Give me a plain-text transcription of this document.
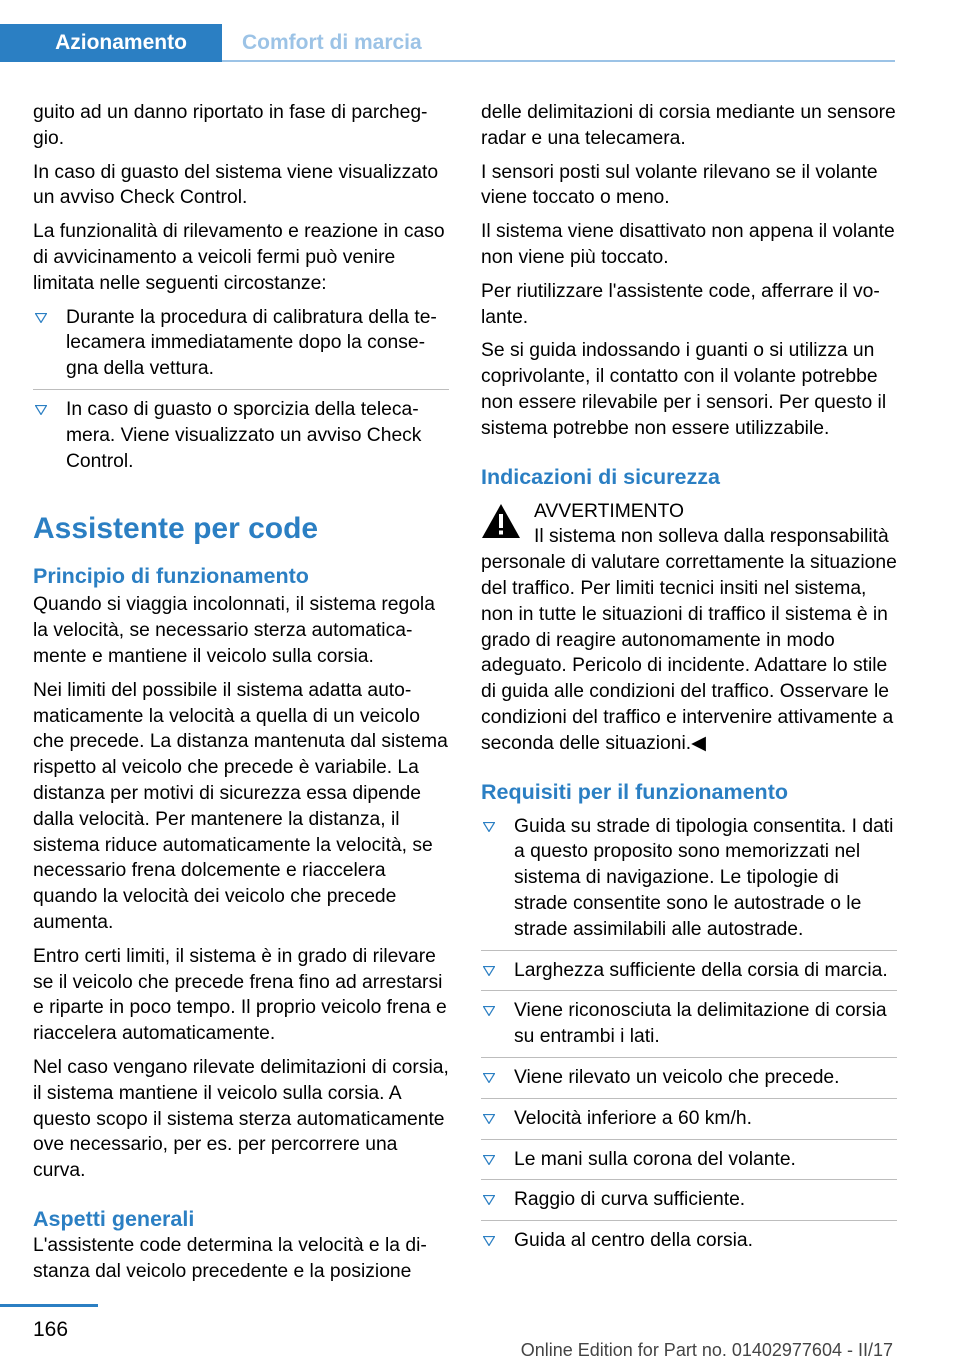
Azionamento	Comfort di marcia

guito ad un danno riportato in fase di parcheggio.

In caso di guasto del sistema viene visualizzato un avviso Check Control.

La funzionalità di rilevamento e reazione in caso di avvicinamento a veicoli fermi può venire limitata nelle seguenti circostanze:

Durante la procedura di calibratura della telecamera immediatamente dopo la consegna della vettura.
In caso di guasto o sporcizia della telecamera. Viene visualizzato un avviso Check Control.
Assistente per code
Principio di funzionamento

Quando si viaggia incolonnati, il sistema regola la velocità, se necessario sterza automaticamente e mantiene il veicolo sulla corsia.

Nei limiti del possibile il sistema adatta automaticamente la velocità a quella di un veicolo che precede. La distanza mantenuta dal sistema rispetto al veicolo che precede è variabile. La distanza per motivi di sicurezza essa dipende dalla velocità. Per mantenere la distanza, il sistema riduce automaticamente la velocità, se necessario frena dolcemente e riaccelera quando la velocità dei veicolo che precede aumenta.

Entro certi limiti, il sistema è in grado di rilevare se il veicolo che precede frena fino ad arrestarsi e riparte in poco tempo. Il proprio veicolo frena e riaccelera automaticamente.

Nel caso vengano rilevate delimitazioni di corsia, il sistema mantiene il veicolo sulla corsia. A questo scopo il sistema sterza automaticamente ove necessario, per es. per percorrere una curva.

Aspetti generali

L'assistente code determina la velocità e la distanza dal veicolo precedente e la posizione

delle delimitazioni di corsia mediante un sensore radar e una telecamera.

I sensori posti sul volante rilevano se il volante viene toccato o meno.

Il sistema viene disattivato non appena il volante non viene più toccato.

Per riutilizzare l'assistente code, afferrare il volante.

Se si guida indossando i guanti o si utilizza un coprivolante, il contatto con il volante potrebbe non essere rilevabile per i sensori. Per questo il sistema potrebbe non essere utilizzabile.

Indicazioni di sicurezza
AVVERTIMENTO
Il sistema non solleva dalla responsabilità
personale di valutare correttamente la situazione del traffico. Per limiti tecnici insiti nel sistema, non in tutte le situazioni di traffico il sistema è in grado di reagire autonomamente in modo adeguato. Pericolo di incidente. Adattare lo stile di guida alle condizioni del traffico. Osservare le condizioni del traffico e intervenire attivamente a seconda delle situazioni.◀
Requisiti per il funzionamento
Guida su strade di tipologia consentita. I dati a questo proposito sono memorizzati nel sistema di navigazione. Le tipologie di strade consentite sono le autostrade o le strade assimilabili alle autostrade.
Larghezza sufficiente della corsia di marcia.
Viene riconosciuta la delimitazione di corsia su entrambi i lati.
Viene rilevato un veicolo che precede.
Velocità inferiore a 60 km/h.
Le mani sulla corona del volante.
Raggio di curva sufficiente.
Guida al centro della corsia.
166
Online Edition for Part no. 01402977604 - II/17
